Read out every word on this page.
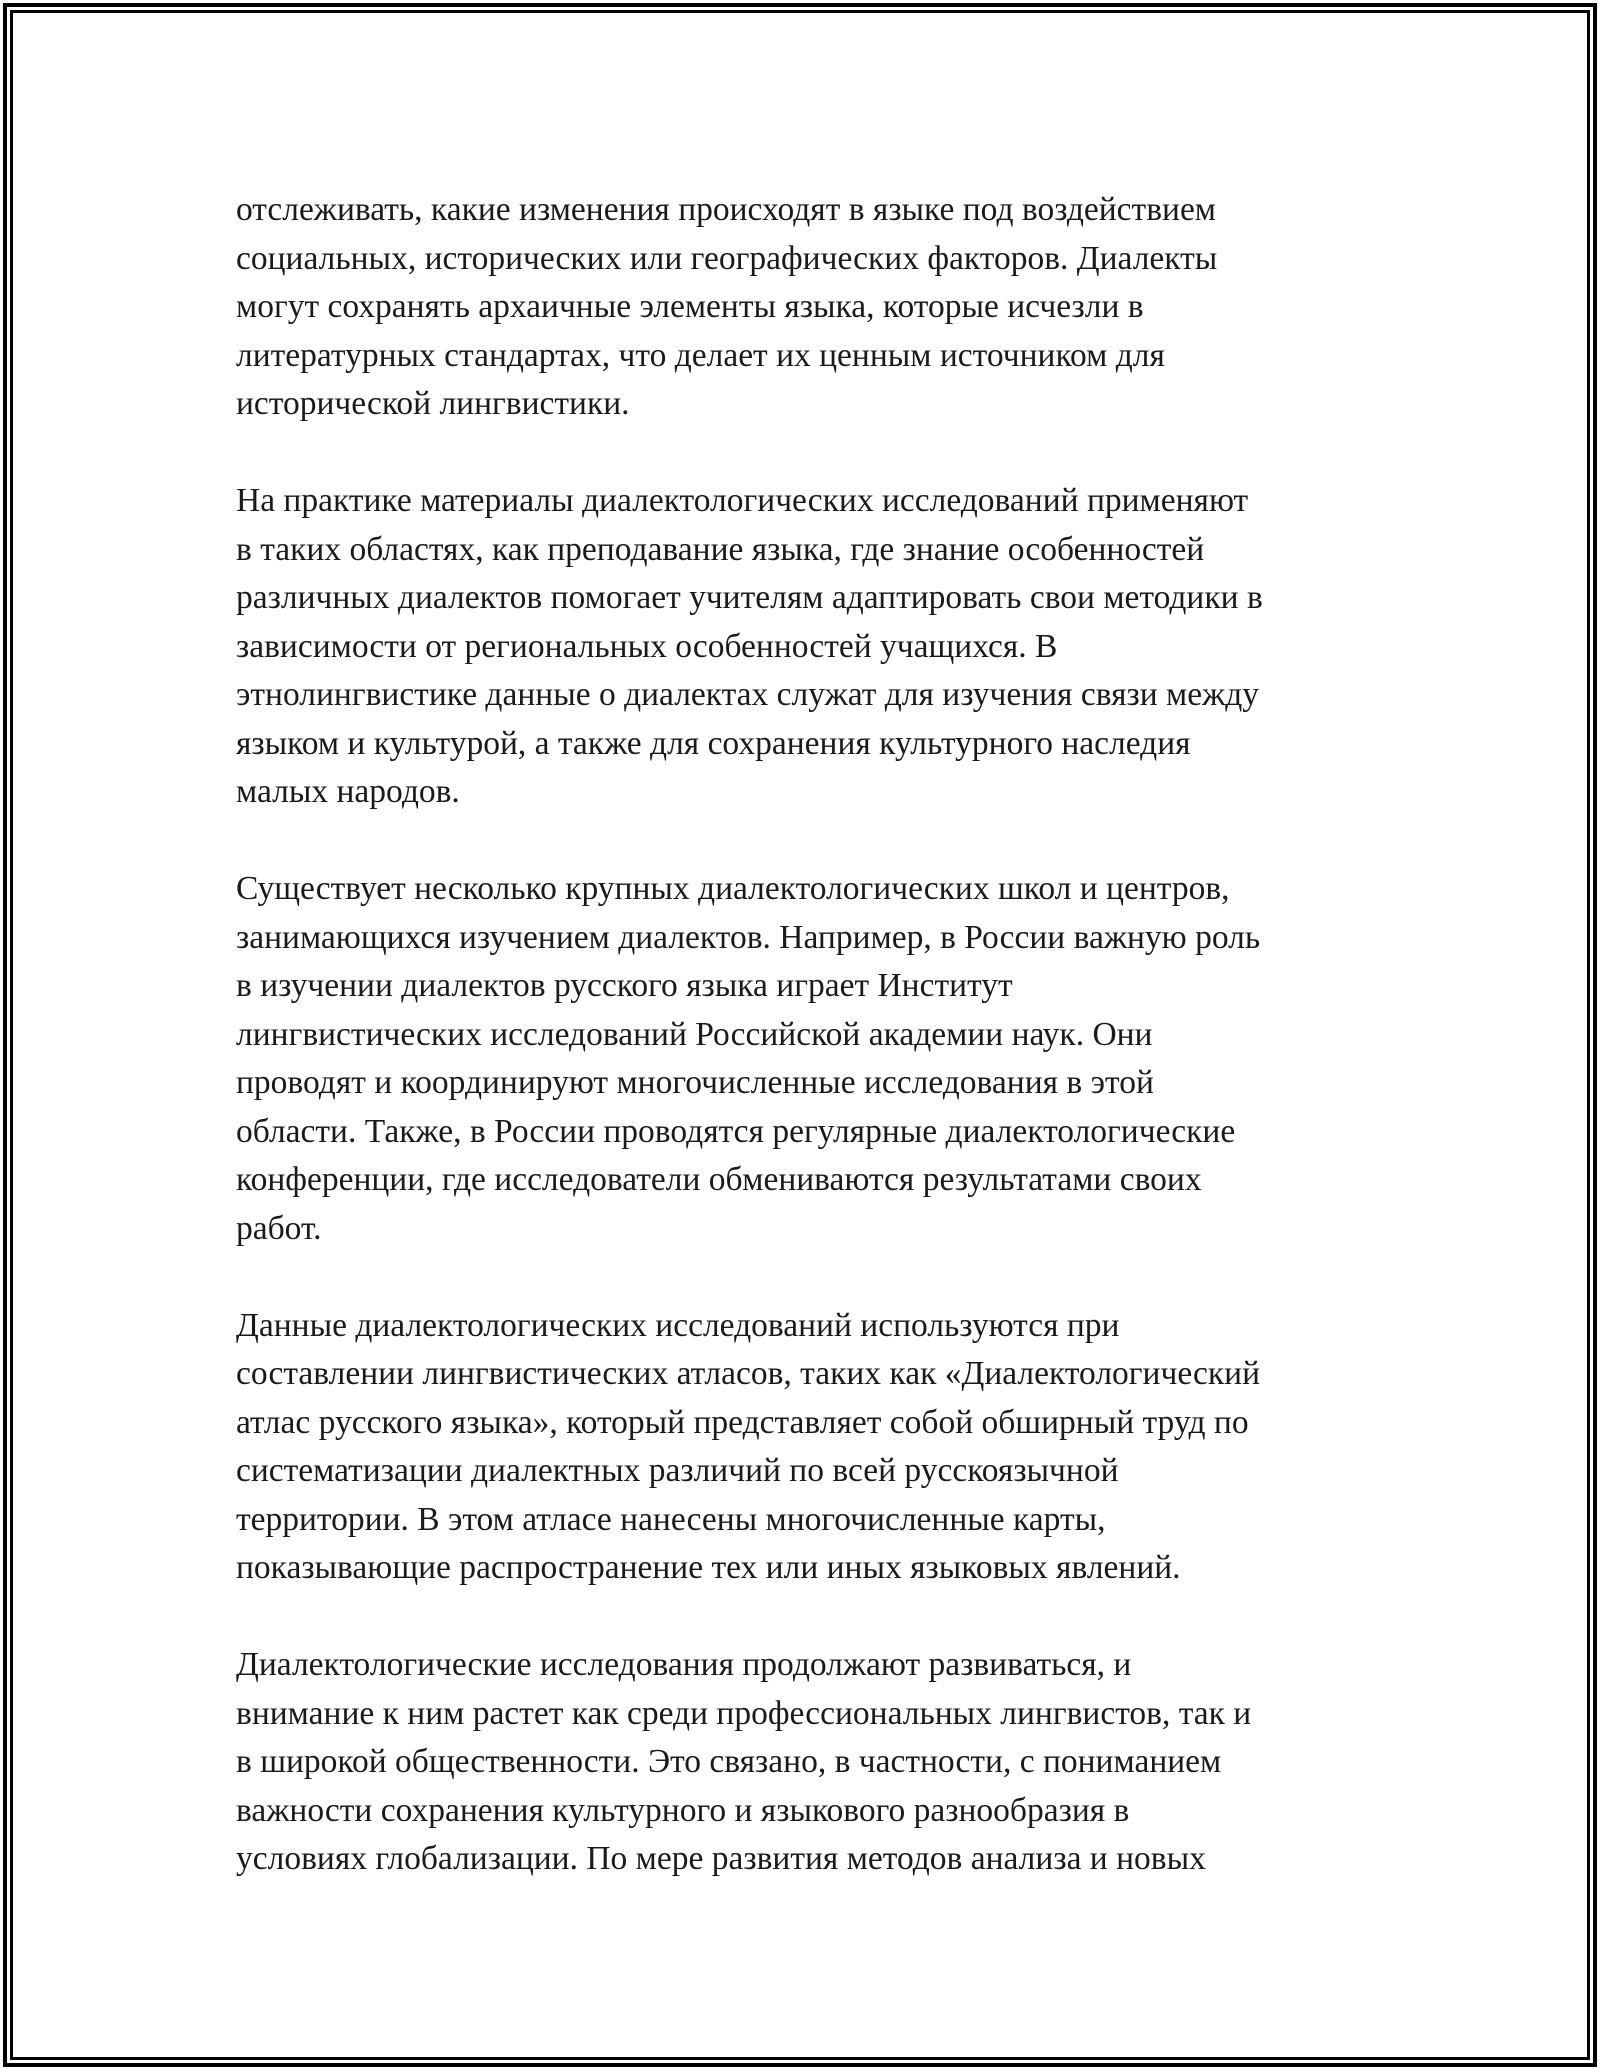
отслеживать, какие изменения происходят в языке под воздействием
социальных, исторических или географических факторов. Диалекты
могут сохранять архаичные элементы языка, которые исчезли в
литературных стандартах, что делает их ценным источником для
исторической лингвистики.

На практике материалы диалектологических исследований применяют
в таких областях, как преподавание языка, где знание особенностей
различных диалектов помогает учителям адаптировать свои методики в
зависимости от региональных особенностей учащихся. В
этнолингвистике данные о диалектах служат для изучения связи между
языком и культурой, а также для сохранения культурного наследия
малых народов.

Существует несколько крупных диалектологических школ и центров,
занимающихся изучением диалектов. Например, в России важную роль
в изучении диалектов русского языка играет Институт
лингвистических исследований Российской академии наук. Они
проводят и координируют многочисленные исследования в этой
области. Также, в России проводятся регулярные диалектологические
конференции, где исследователи обмениваются результатами своих
работ.

Данные диалектологических исследований используются при
составлении лингвистических атласов, таких как «Диалектологический
атлас русского языка», который представляет собой обширный труд по
систематизации диалектных различий по всей русскоязычной
территории. В этом атласе нанесены многочисленные карты,
показывающие распространение тех или иных языковых явлений.

Диалектологические исследования продолжают развиваться, и
внимание к ним растет как среди профессиональных лингвистов, так и
в широкой общественности. Это связано, в частности, с пониманием
важности сохранения культурного и языкового разнообразия в
условиях глобализации. По мере развития методов анализа и новых
